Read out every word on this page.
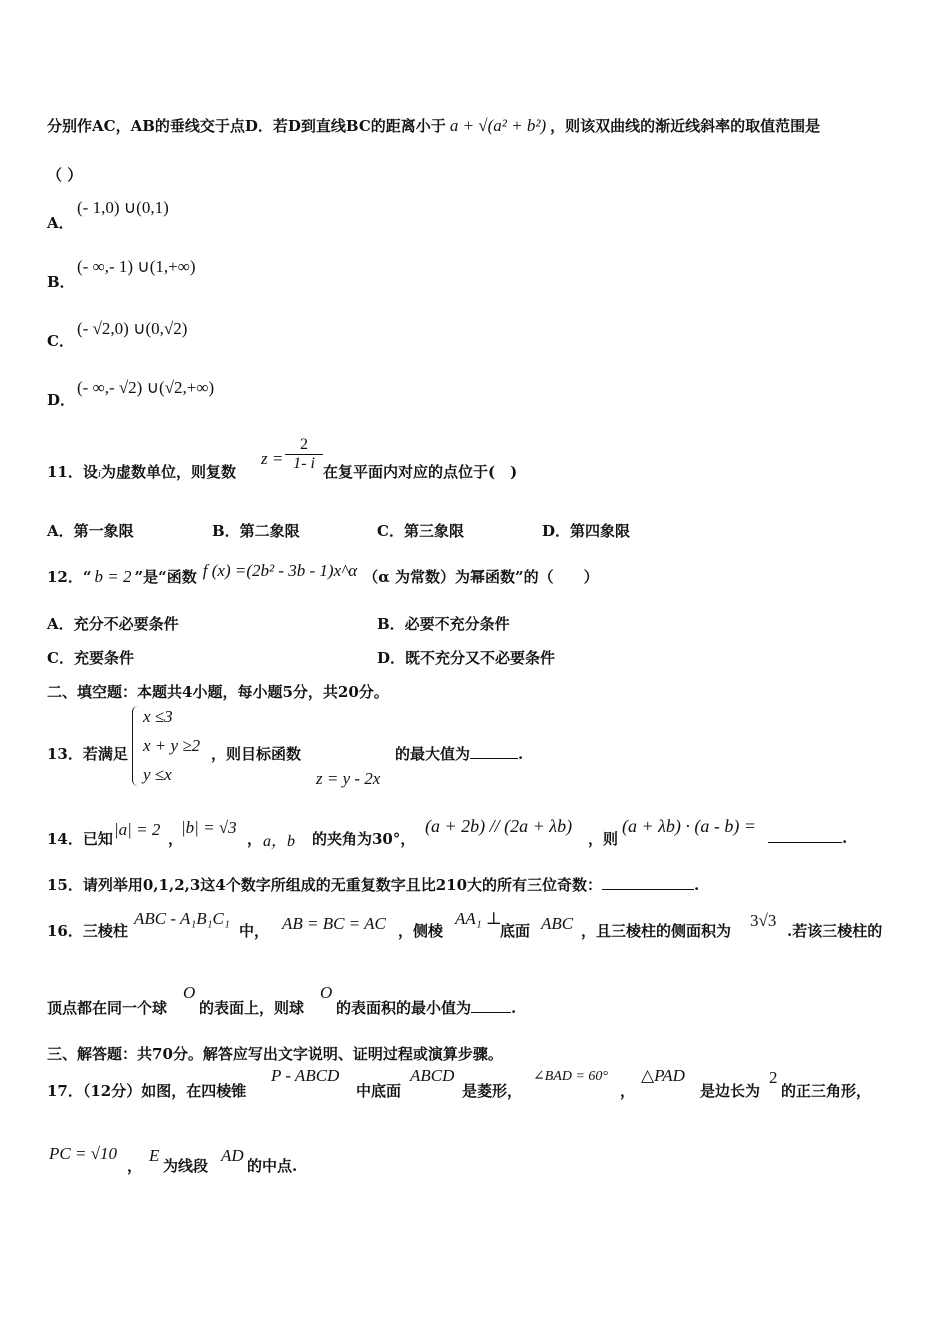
分别作AC，AB的垂线交于点D．若D到直线BC的距离小于 a + √(a² + b²) ，则该双曲线的渐近线斜率的取值范围是
（ ）
A．
(- 1,0) ∪(0,1)
B．
(- ∞,- 1) ∪(1,+∞)
C．
(- √2,0) ∪(0,√2)
D．
(- ∞,- √2) ∪(√2,+∞)
11．设i为虚数单位，则复数
$z = \frac{2}{1- i}$ 在复平面内对应的点位于(　)
A．第一象限	B．第二象限	C．第三象限	D．第四象限
12．“ b = 2 ”是“函数 f (x) =(2b² - 3b - 1)x^α （α 为常数）为幂函数”的（　　）
A．充分不必要条件	B．必要不充分条件
C．充要条件	D．既不充分又不必要条件
二、填空题：本题共4小题，每小题5分，共20分。
13．若满足
x ≤3
x + y ≥2
y ≤x
，则目标函数
z = y - 2x
的最大值为	.
14．已知 |a| = 2 ，
|b| = √3
， a，b 的夹角为30°，
(a + 2b) // (2a + λb)
，则
(a + λb) · (a - b) =
.
15．请列举用0,1,2,3这4个数字所组成的无重复数字且比210大的所有三位奇数：	.
16．三棱柱
ABC - A₁B₁C₁
中， AB = BC = AC ，侧棱
AA₁ ⊥
底面 ABC ，且三棱柱的侧面积为
3√3
.若该三棱柱的
顶点都在同一个球
O
的表面上，则球
O
的表面积的最小值为	.
三、解答题：共70分。解答应写出文字说明、证明过程或演算步骤。
17．（12分）如图，在四棱锥
P - ABCD
中底面
ABCD
是菱形，
∠BAD = 60°
，
△PAD
是边长为
2
的正三角形，
PC = √10
，
E
为线段
AD
的中点.
